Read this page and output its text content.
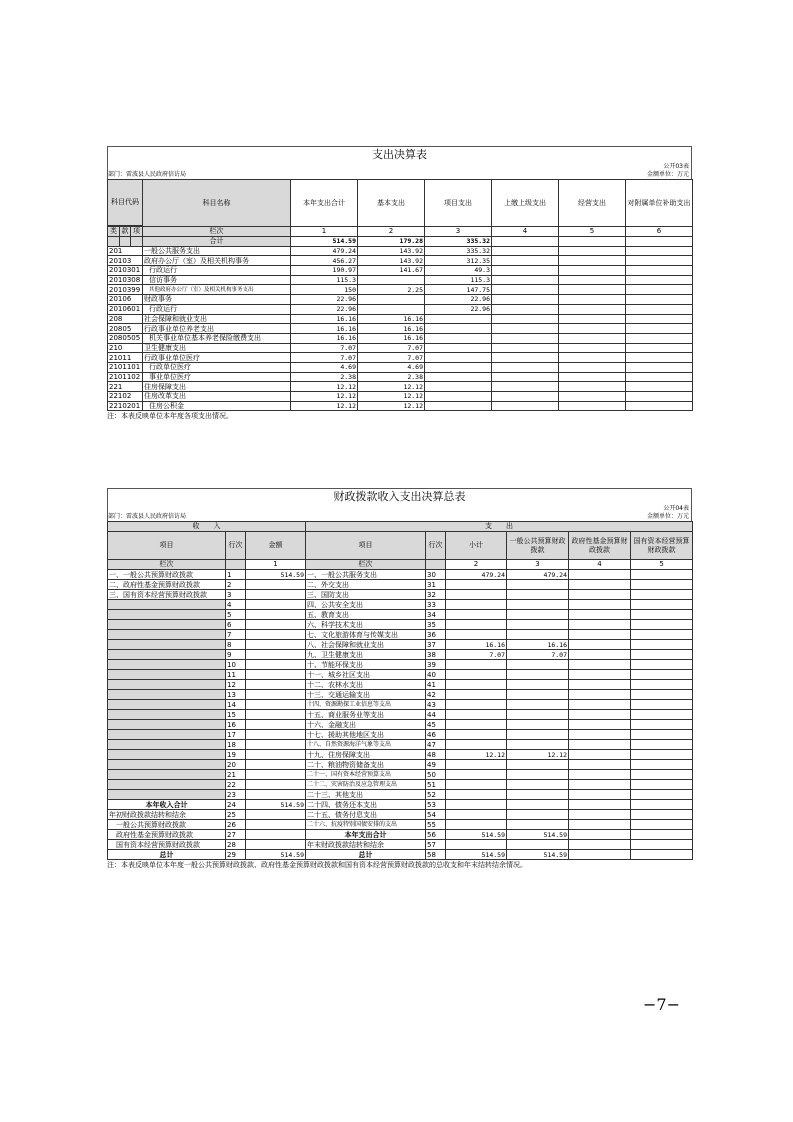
支出决算表
公开03表

部门：雷波县人民政府信访局	金额单位：万元
科目代码			科目名称	本年支出合计	基本支出	项目支出	上缴上级支出	经营支出	对附属单位补助支出

类	款	项	栏次	1	2	3	4	5	6
			合计	514.59	179.28	335.32			
201			一般公共服务支出	479.24	143.92	335.32			
20103			政府办公厅（室）及相关机构事务	456.27	143.92	312.35			
2010301			行政运行	190.97	141.67	49.3			
2010308			信访事务	115.3		115.3			
2010399			其他政府办公厅（室）及相关机构事务支出	150	2.25	147.75			
20106			财政事务	22.96		22.96			
2010601			行政运行	22.96		22.96			
208			社会保障和就业支出	16.16	16.16				
20805			行政事业单位养老支出	16.16	16.16				
2080505			机关事业单位基本养老保险缴费支出	16.16	16.16				
210			卫生健康支出	7.07	7.07				
21011			行政事业单位医疗	7.07	7.07				
2101101			行政单位医疗	4.69	4.69				
2101102			事业单位医疗	2.38	2.38				
221			住房保障支出	12.12	12.12				
22102			住房改革支出	12.12	12.12				
2210201			住房公积金	12.12	12.12				
注：本表反映单位本年度各项支出情况。
财政拨款收入支出决算总表
公开04表

部门：雷波县人民政府信访局	金额单位：万元
收　　入			支　　出					
项目	行次	金额	项目	行次	小计	一般公共预算财政拨款	政府性基金预算财政拨款	国有资本经营预算财政拨款
栏次		1	栏次		2	3	4	5
一、一般公共预算财政拨款	1	514.59	一、一般公共服务支出	30	479.24	479.24		
二、政府性基金预算财政拨款	2		二、外交支出	31				
三、国有资本经营预算财政拨款	3		三、国防支出	32				
	4		四、公共安全支出	33				
	5		五、教育支出	34				
	6		六、科学技术支出	35				
	7		七、文化旅游体育与传媒支出	36				
	8		八、社会保障和就业支出	37	16.16	16.16		
	9		九、卫生健康支出	38	7.07	7.07		
	10		十、节能环保支出	39				
	11		十一、城乡社区支出	40				
	12		十二、农林水支出	41				
	13		十三、交通运输支出	42				
	14		十四、资源勘探工业信息等支出	43				
	15		十五、商业服务业等支出	44				
	16		十六、金融支出	45				
	17		十七、援助其他地区支出	46				
	18		十八、自然资源海洋气象等支出	47				
	19		十九、住房保障支出	48	12.12	12.12		
	20		二十、粮油物资储备支出	49				
	21		二十一、国有资本经营预算支出	50				
	22		二十二、灾害防治及应急管理支出	51				
	23		二十三、其他支出	52				
本年收入合计	24	514.59	二十四、债务还本支出	53				
年初财政拨款结转和结余	25		二十五、债务付息支出	54				
一般公共预算财政拨款	26		二十六、抗疫特别国债安排的支出	55				
政府性基金预算财政拨款	27		本年支出合计	56	514.59	514.59		
国有资本经营预算财政拨款	28		年末财政拨款结转和结余	57				
总计	29	514.59	总计	58	514.59	514.59		
注：本表反映单位本年度一般公共预算财政拨款、政府性基金预算财政拨款和国有资本经营预算财政拨款的总收支和年末结转结余情况。
−7−
